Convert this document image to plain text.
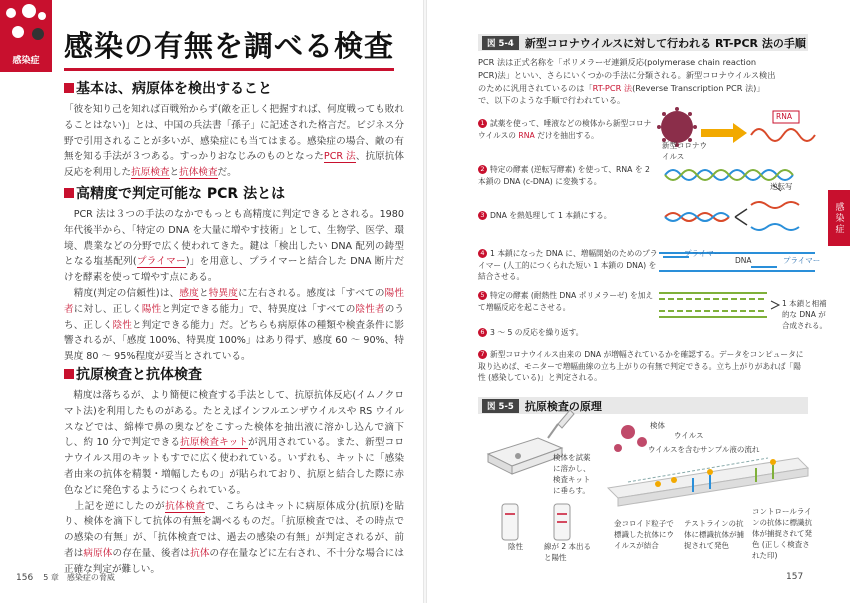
感染症 感染の有無を調べる検査
基本は、病原体を検出すること

「彼を知り己を知れば百戦殆からず(敵を正しく把握すれば、何度戦っても敗れることはない)」とは、中国の兵法書「孫子」に記述された格言だ。ビジネス分野で引用されることが多いが、感染症にも当てはまる。感染症の場合、敵の有無を知る手法が３つある。すっかりおなじみのものとなったPCR 法、抗原抗体反応を利用した抗原検査と抗体検査だ。

高精度で判定可能な PCR 法とは

PCR 法は３つの手法のなかでもっとも高精度に判定できるとされる。1980 年代後半から、「特定の DNA を大量に増やす技術」として、生物学、医学、環境、農業などの分野で広く使われてきた。鍵は「検出したい DNA 配列の鋳型となる塩基配列(プライマー)」を用意し、プライマーと結合した DNA 断片だけを酵素を使って増やす点にある。

精度(判定の信頼性)は、感度と特異度に左右される。感度は「すべての陽性者に対し、正しく陽性と判定できる能力」で、特異度は「すべての陰性者のうち、正しく陰性と判定できる能力」だ。どちらも病原体の種類や検査条件に影響されるが、「感度 100%、特異度 100%」はあり得ず、感度 60 ～ 90%、特異度 80 ～ 95%程度が妥当とされている。

抗原検査と抗体検査

精度は落ちるが、より簡便に検査する手法として、抗原抗体反応(イムノクロマト法)を利用したものがある。たとえばインフルエンザウイルスや RS ウイルスなどでは、綿棒で鼻の奥などをこすった検体を抽出液に溶かし込んで滴下し、約 10 分で判定できる抗原検査キットが汎用されている。また、新型コロナウイルス用のキットもすでに広く使われている。いずれも、キットに「感染者由来の抗体を精製・増幅したもの」が貼られており、抗原と結合した際に赤色などに発色するようにつくられている。

上記を逆にしたのが抗体検査で、こちらはキットに病原体成分(抗原)を貼り、検体を滴下して抗体の有無を調べるものだ。「抗原検査では、その時点での感染の有無」が、「抗体検査では、過去の感染の有無」が判定されるが、前者は病原体の存在量、後者は抗体の存在量などに左右され、不十分な場合には正確な判定が難しい。

156 5 章　感染症の脅威
感染症
図 5-4	新型コロナウイルスに対して行われる RT-PCR 法の手順
PCR 法は正式名称を「ポリメラーゼ連鎖反応(polymerase chain reaction PCR)法」といい、さらにいくつかの手法に分類される。新型コロナウイルス検出のために汎用されているのは「RT-PCR 法(Reverse Transcription PCR 法)」で、以下のような手順で行われている。
1 試薬を使って、唾液などの検体から新型コロナウイルスの RNA だけを抽出する。
2 特定の酵素 (逆転写酵素) を使って、RNA を 2 本鎖の DNA (c-DNA) に変換する。
3 DNA を熱処理して 1 本鎖にする。
4 1 本鎖になった DNA に、増幅開始のためのプライマー (人工的につくられた短い 1 本鎖の DNA) を結合させる。
5 特定の酵素 (耐熱性 DNA ポリメラーゼ) を加えて増幅反応を起こさせる。
6 3 ～ 5 の反応を繰り返す。
7 新型コロナウイルス由来の DNA が増幅されているかを確認する。データをコンピュータに取り込めば、モニターで増幅曲線の立ち上がりの有無で判定できる。立ち上がりがあれば「陽性 (感染している)」と判定される。
新型コロナウイルス
RNA
逆転写
プライマー
DNA	プライマー
1 本鎖と相補的な DNA が合成される。
図 5-5	抗原検査の原理
検体
ウイルス
ウイルスを含むサンプル液の流れ
検体を試薬に溶かし、検査キットに垂らす。
陰性	線が 2 本出ると陽性
金コロイド粒子で標識した抗体にウイルスが結合
テストラインの抗体に標識抗体が捕捉されて発色
コントロールラインの抗体に標識抗体が捕捉されて発色 (正しく検査された印)
157
